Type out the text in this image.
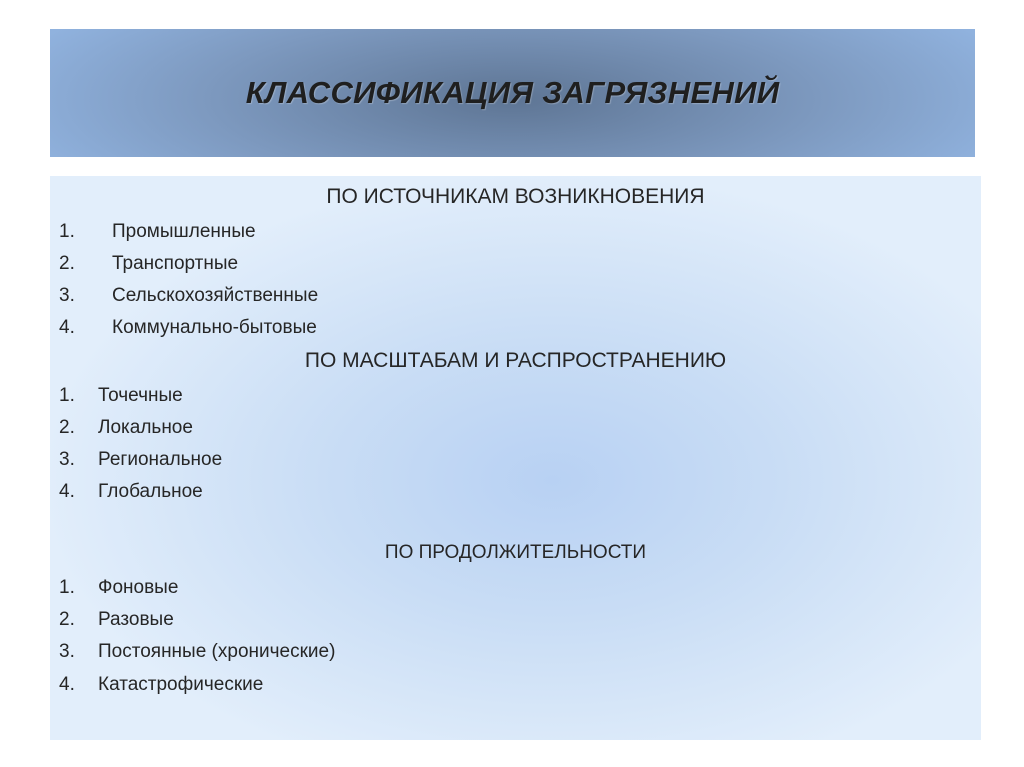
КЛАССИФИКАЦИЯ ЗАГРЯЗНЕНИЙ
ПО ИСТОЧНИКАМ ВОЗНИКНОВЕНИЯ
1. Промышленные
2. Транспортные
3. Сельскохозяйственные
4. Коммунально-бытовые
ПО МАСШТАБАМ И РАСПРОСТРАНЕНИЮ
1. Точечные
2. Локальное
3. Региональное
4. Глобальное
ПО ПРОДОЛЖИТЕЛЬНОСТИ
1. Фоновые
2. Разовые
3. Постоянные (хронические)
4. Катастрофические
